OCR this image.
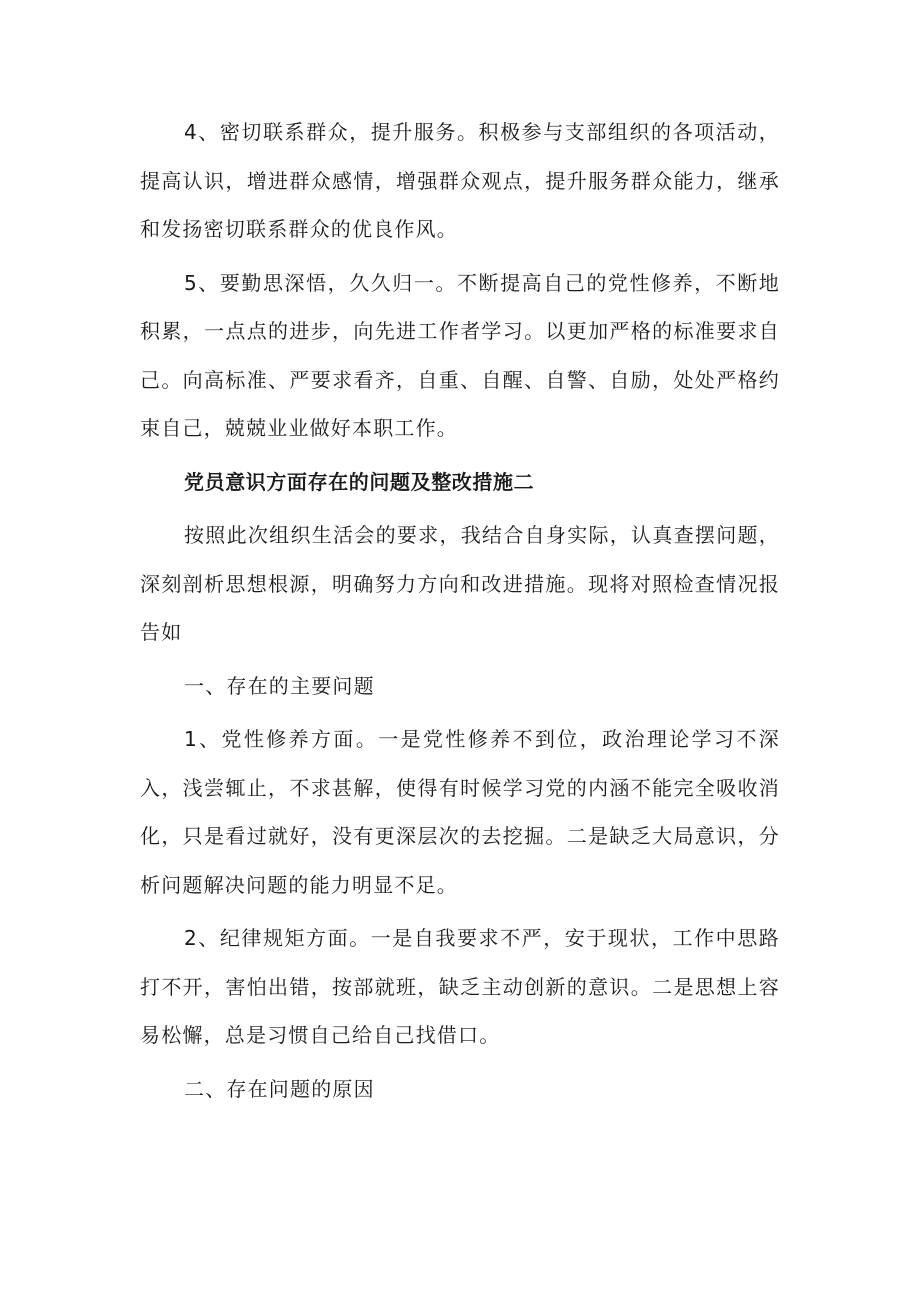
4、密切联系群众，提升服务。积极参与支部组织的各项活动，提高认识，增进群众感情，增强群众观点，提升服务群众能力，继承和发扬密切联系群众的优良作风。

5、要勤思深悟，久久归一。不断提高自己的党性修养，不断地积累，一点点的进步，向先进工作者学习。以更加严格的标准要求自己。向高标准、严要求看齐，自重、自醒、自警、自励，处处严格约束自己，兢兢业业做好本职工作。

党员意识方面存在的问题及整改措施二

按照此次组织生活会的要求，我结合自身实际，认真查摆问题，深刻剖析思想根源，明确努力方向和改进措施。现将对照检查情况报告如

一、存在的主要问题

1、党性修养方面。一是党性修养不到位，政治理论学习不深入，浅尝辄止，不求甚解，使得有时候学习党的内涵不能完全吸收消化，只是看过就好，没有更深层次的去挖掘。二是缺乏大局意识，分析问题解决问题的能力明显不足。

2、纪律规矩方面。一是自我要求不严，安于现状，工作中思路打不开，害怕出错，按部就班，缺乏主动创新的意识。二是思想上容易松懈，总是习惯自己给自己找借口。

二、存在问题的原因
